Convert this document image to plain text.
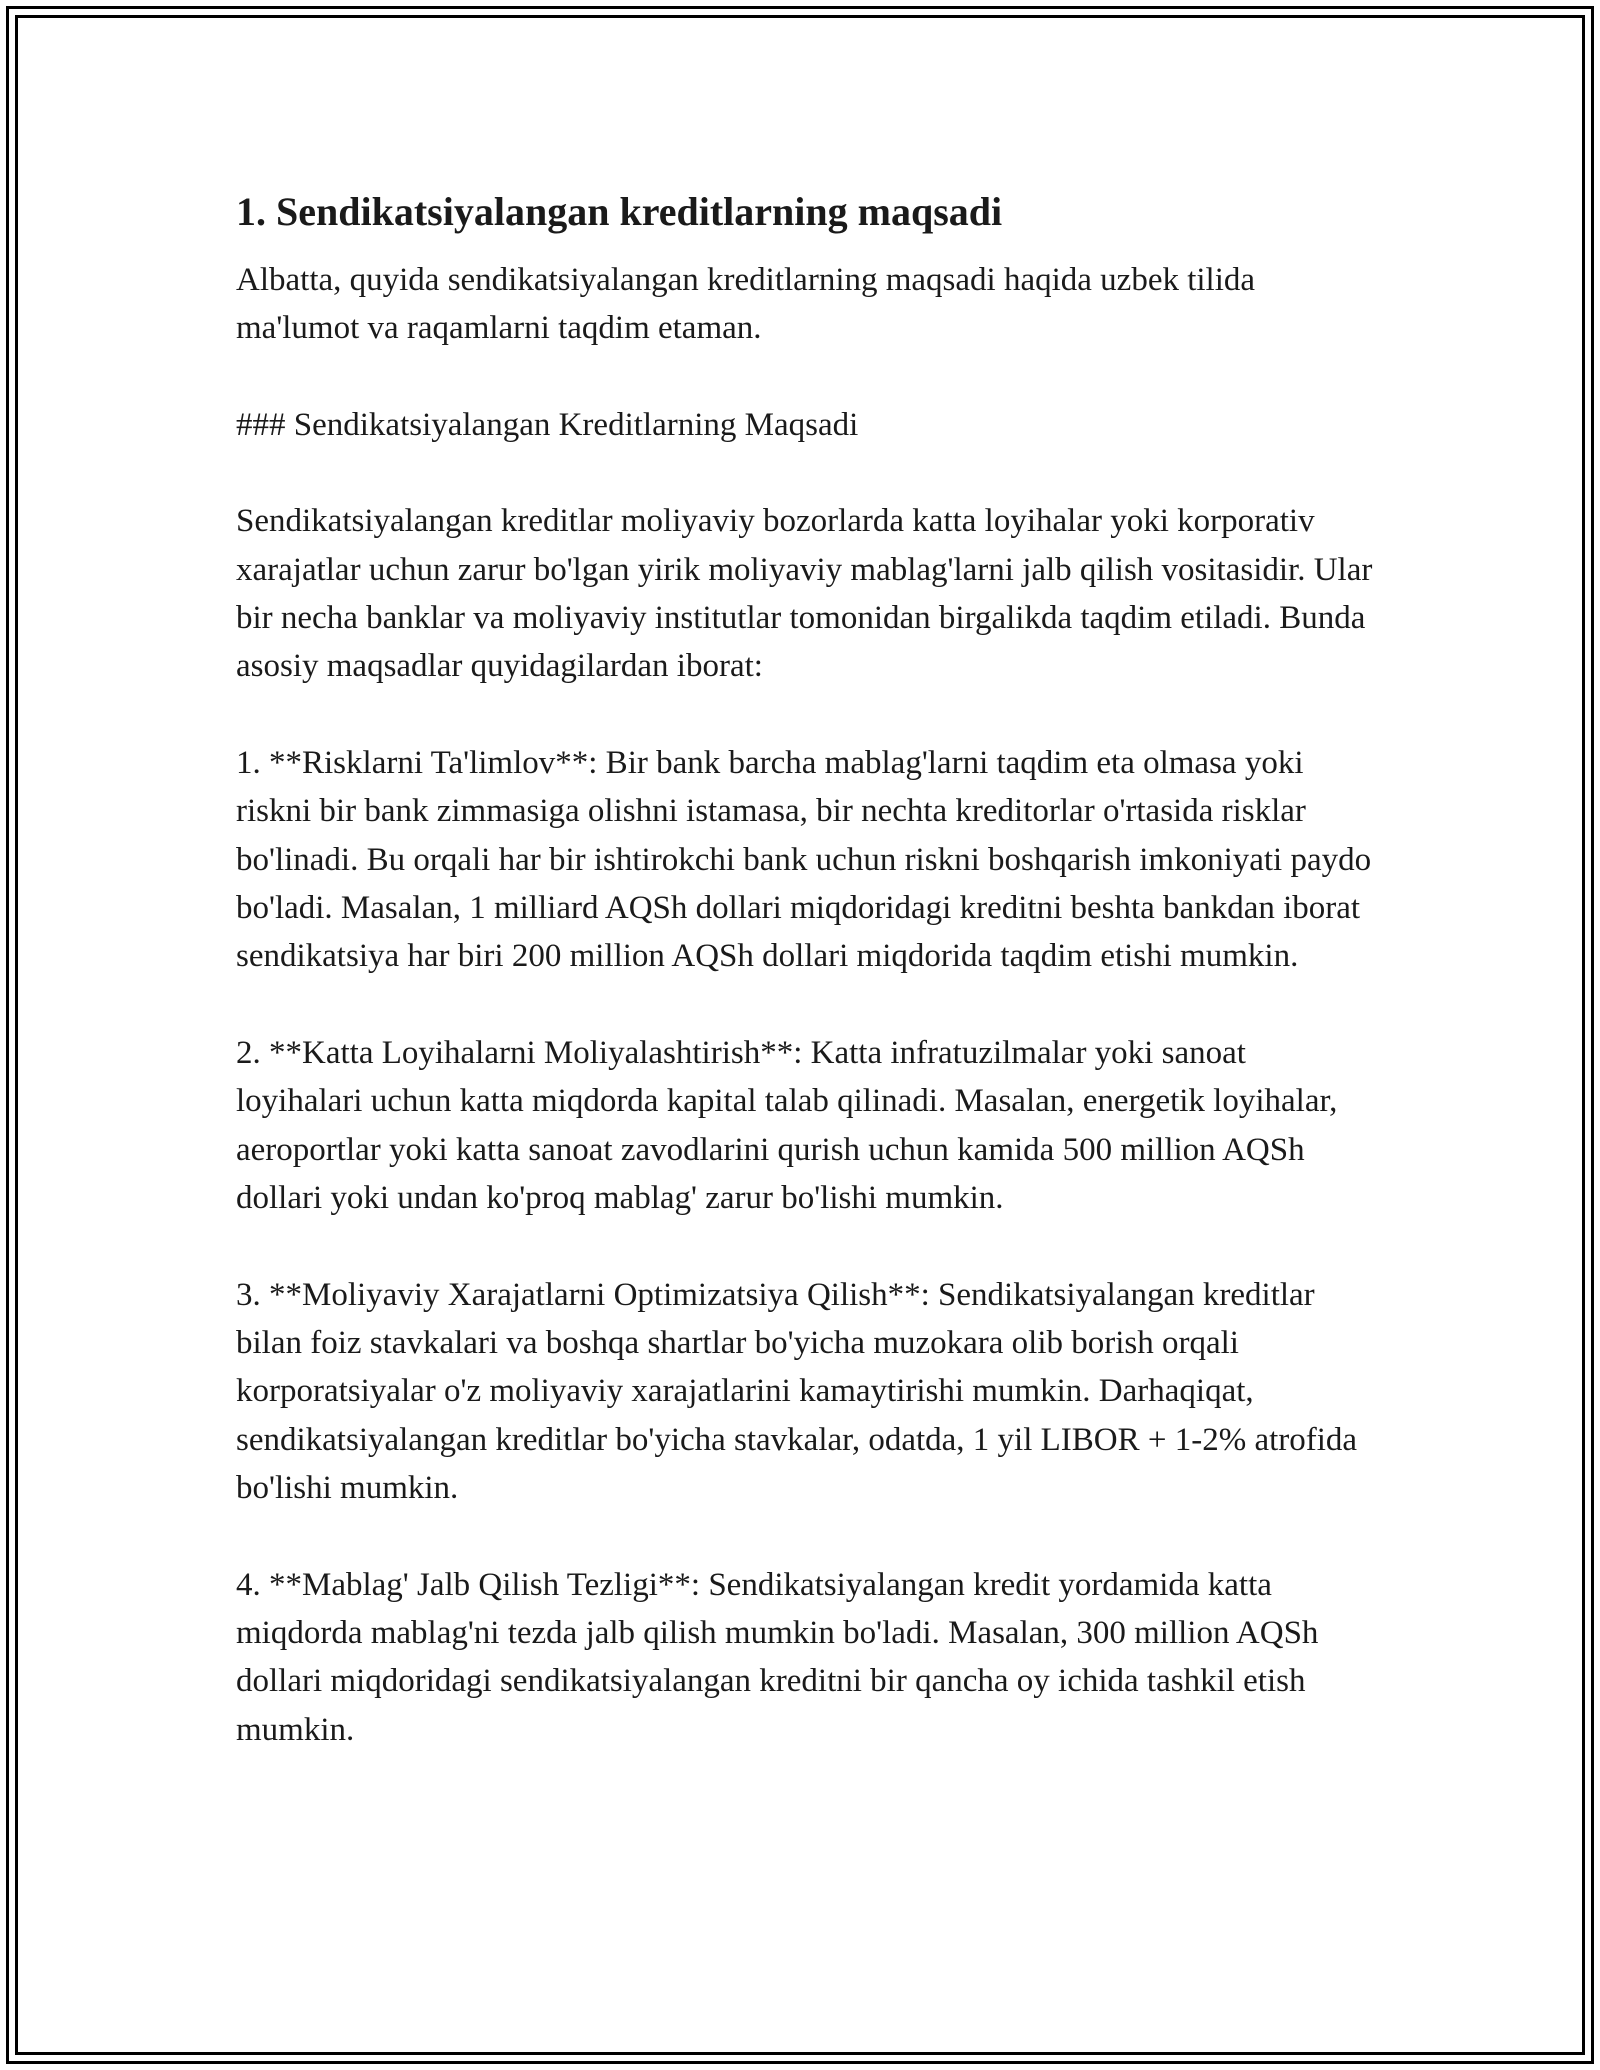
1. Sendikatsiyalangan kreditlarning maqsadi
Albatta, quyida sendikatsiyalangan kreditlarning maqsadi haqida uzbek tilida ma'lumot va raqamlarni taqdim etaman.
### Sendikatsiyalangan Kreditlarning Maqsadi
Sendikatsiyalangan kreditlar moliyaviy bozorlarda katta loyihalar yoki korporativ xarajatlar uchun zarur bo'lgan yirik moliyaviy mablag'larni jalb qilish vositasidir. Ular bir necha banklar va moliyaviy institutlar tomonidan birgalikda taqdim etiladi. Bunda asosiy maqsadlar quyidagilardan iborat:
1. **Risklarni Ta'limlov**: Bir bank barcha mablag'larni taqdim eta olmasa yoki riskni bir bank zimmasiga olishni istamasa, bir nechta kreditorlar o'rtasida risklar bo'linadi. Bu orqali har bir ishtirokchi bank uchun riskni boshqarish imkoniyati paydo bo'ladi. Masalan, 1 milliard AQSh dollari miqdoridagi kreditni beshta bankdan iborat sendikatsiya har biri 200 million AQSh dollari miqdorida taqdim etishi mumkin.
2. **Katta Loyihalarni Moliyalashtirish**: Katta infratuzilmalar yoki sanoat loyihalari uchun katta miqdorda kapital talab qilinadi. Masalan, energetik loyihalar, aeroportlar yoki katta sanoat zavodlarini qurish uchun kamida 500 million AQSh dollari yoki undan ko'proq mablag' zarur bo'lishi mumkin.
3. **Moliyaviy Xarajatlarni Optimizatsiya Qilish**: Sendikatsiyalangan kreditlar bilan foiz stavkalari va boshqa shartlar bo'yicha muzokara olib borish orqali korporatsiyalar o'z moliyaviy xarajatlarini kamaytirishi mumkin. Darhaqiqat, sendikatsiyalangan kreditlar bo'yicha stavkalar, odatda, 1 yil LIBOR + 1-2% atrofida bo'lishi mumkin.
4. **Mablag' Jalb Qilish Tezligi**: Sendikatsiyalangan kredit yordamida katta miqdorda mablag'ni tezda jalb qilish mumkin bo'ladi. Masalan, 300 million AQSh dollari miqdoridagi sendikatsiyalangan kreditni bir qancha oy ichida tashkil etish mumkin.
